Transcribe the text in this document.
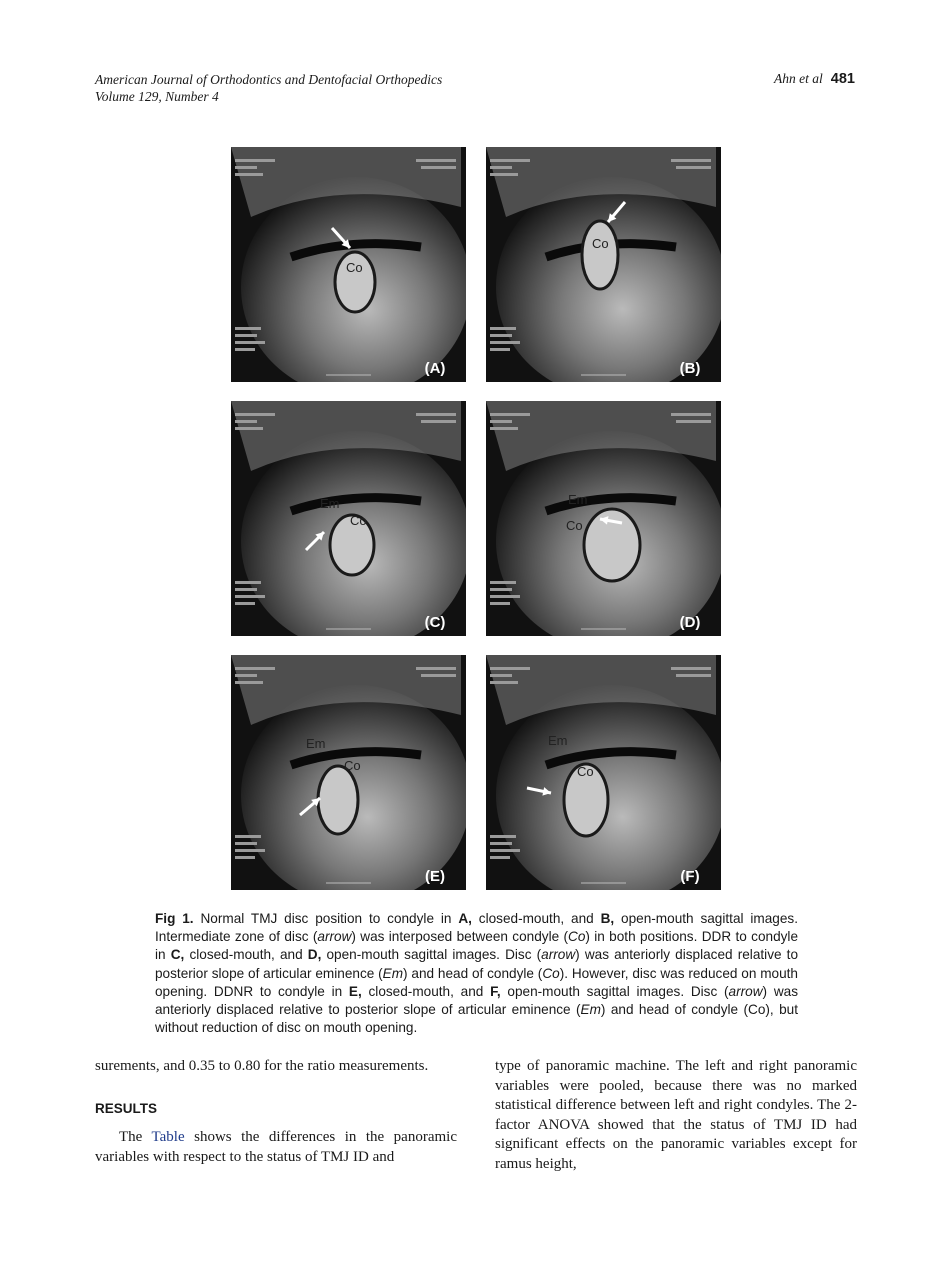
American Journal of Orthodontics and Dentofacial Orthopedics
Volume 129, Number 4
Ahn et al 481
Co
(A)
Co
(B)
Em
Co
(C)
Em
Co
(D)
Em
Co
(E)
Em
Co
(F)
Fig 1. Normal TMJ disc position to condyle in A, closed-mouth, and B, open-mouth sagittal images. Intermediate zone of disc (arrow) was interposed between condyle (Co) in both positions. DDR to condyle in C, closed-mouth, and D, open-mouth sagittal images. Disc (arrow) was anteriorly displaced relative to posterior slope of articular eminence (Em) and head of condyle (Co). However, disc was reduced on mouth opening. DDNR to condyle in E, closed-mouth, and F, open-mouth sagittal images. Disc (arrow) was anteriorly displaced relative to posterior slope of articular eminence (Em) and head of condyle (Co), but without reduction of disc on mouth opening.

surements, and 0.35 to 0.80 for the ratio measurements.

RESULTS

The Table shows the differences in the panoramic variables with respect to the status of TMJ ID and

type of panoramic machine. The left and right panoramic variables were pooled, because there was no marked statistical difference between left and right condyles. The 2-factor ANOVA showed that the status of TMJ ID had significant effects on the panoramic variables except for ramus height,
